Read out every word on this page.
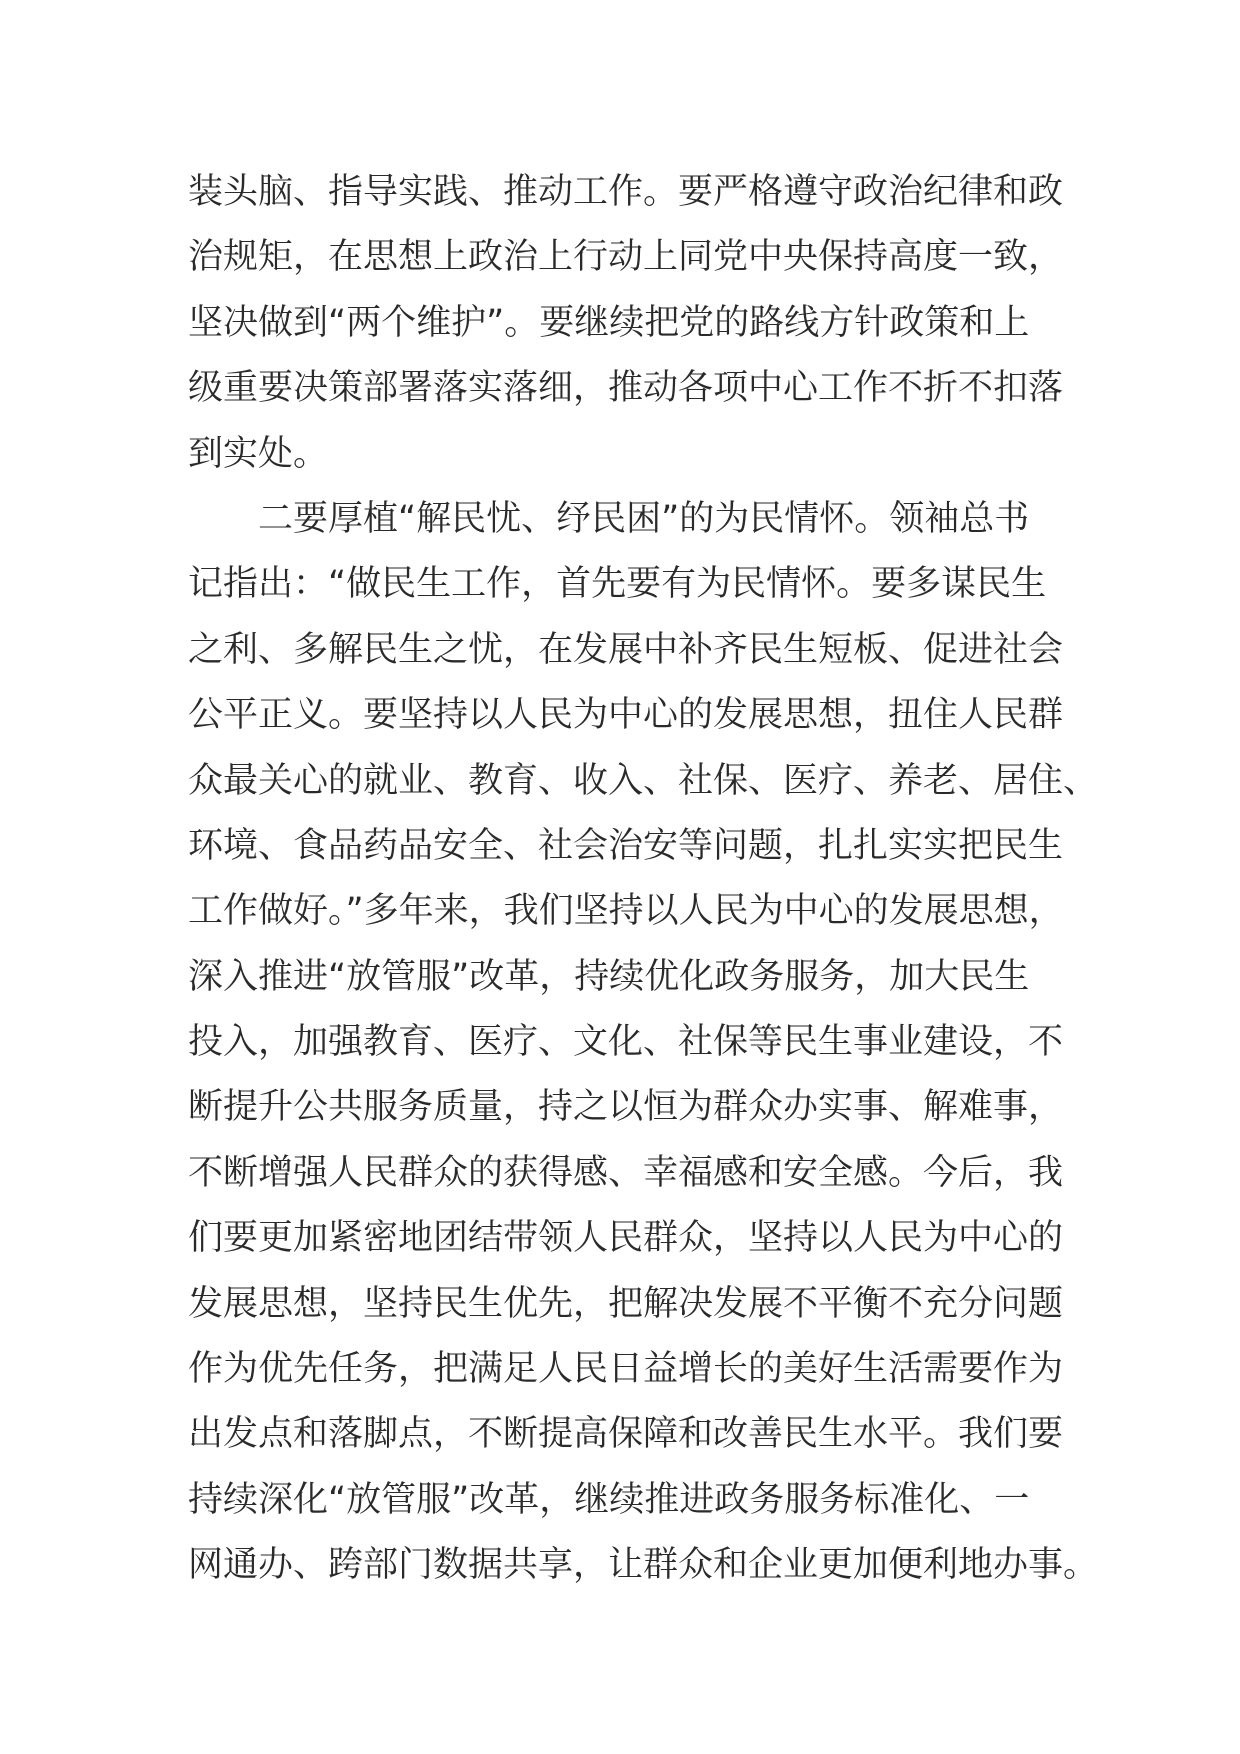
装头脑、指导实践、推动工作。要严格遵守政治纪律和政
治规矩，在思想上政治上行动上同党中央保持高度一致，
坚决做到“两个维护”。要继续把党的路线方针政策和上
级重要决策部署落实落细，推动各项中心工作不折不扣落
到实处。
二要厚植“解民忧、纾民困”的为民情怀。领袖总书
记指出：“做民生工作，首先要有为民情怀。要多谋民生
之利、多解民生之忧，在发展中补齐民生短板、促进社会
公平正义。要坚持以人民为中心的发展思想，扭住人民群
众最关心的就业、教育、收入、社保、医疗、养老、居住、
环境、食品药品安全、社会治安等问题，扎扎实实把民生
工作做好。”多年来，我们坚持以人民为中心的发展思想，
深入推进“放管服”改革，持续优化政务服务，加大民生
投入，加强教育、医疗、文化、社保等民生事业建设，不
断提升公共服务质量，持之以恒为群众办实事、解难事，
不断增强人民群众的获得感、幸福感和安全感。今后，我
们要更加紧密地团结带领人民群众，坚持以人民为中心的
发展思想，坚持民生优先，把解决发展不平衡不充分问题
作为优先任务，把满足人民日益增长的美好生活需要作为
出发点和落脚点，不断提高保障和改善民生水平。我们要
持续深化“放管服”改革，继续推进政务服务标准化、一
网通办、跨部门数据共享，让群众和企业更加便利地办事。
